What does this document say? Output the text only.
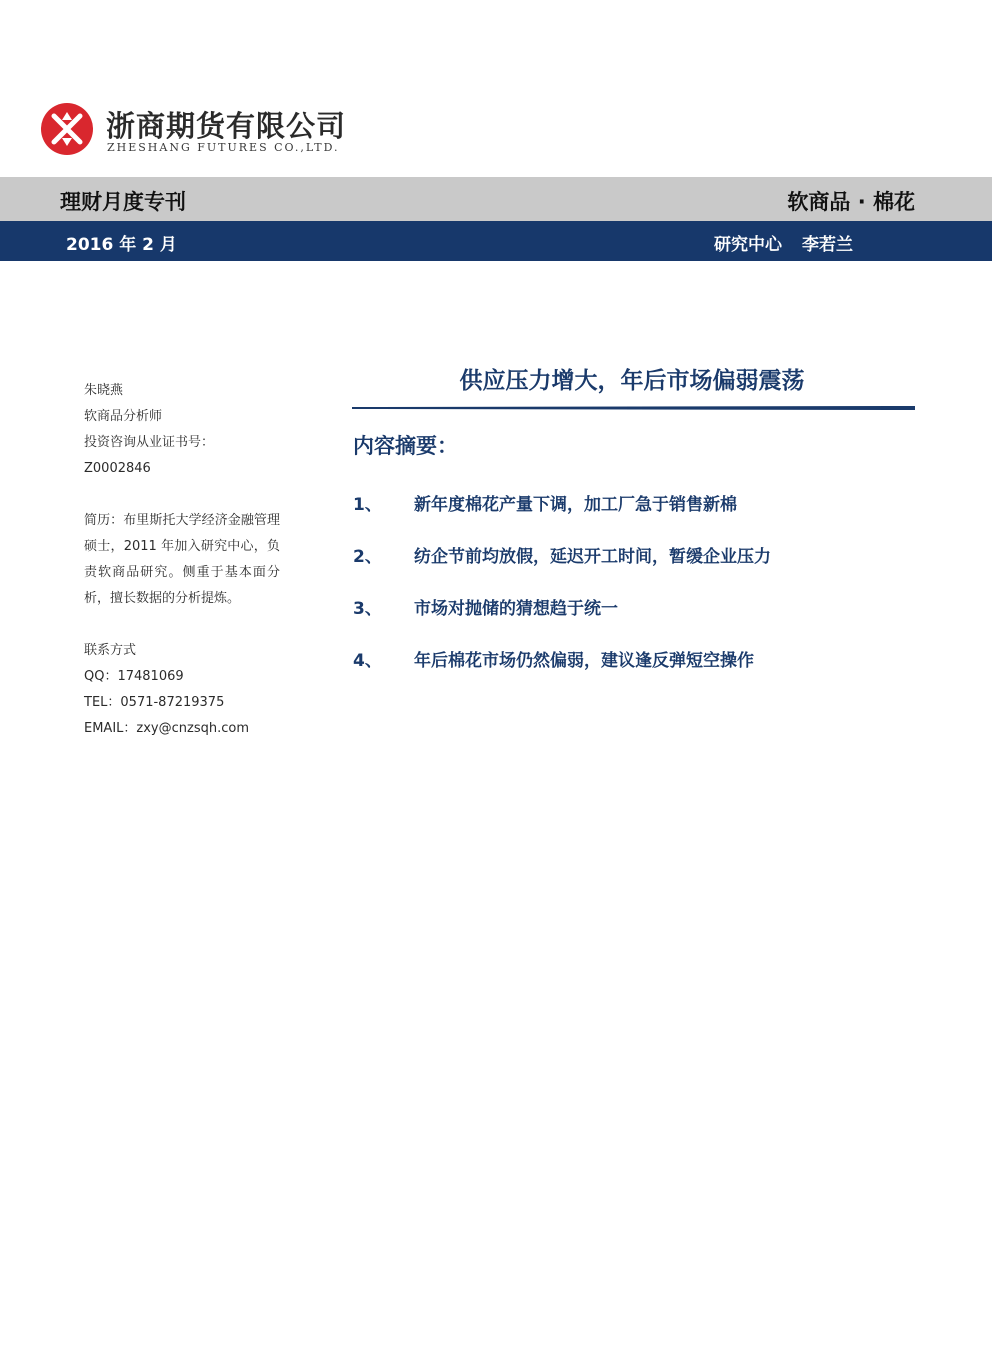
浙商期货有限公司
ZHESHANG FUTURES CO.,LTD.
理财月度专刊	软商品 · 棉花
2016 年 2 月	研究中心 李若兰

朱晓燕

软商品分析师

投资咨询从业证书号：

Z0002846

简历：布里斯托大学经济金融管理硕士，2011 年加入研究中心，负责软商品研究。侧重于基本面分析，擅长数据的分析提炼。

联系方式

QQ：17481069

TEL：0571-87219375

EMAIL：zxy@cnzsqh.com

供应压力增大，年后市场偏弱震荡
内容摘要：
1、 新年度棉花产量下调，加工厂急于销售新棉
2、 纺企节前均放假，延迟开工时间，暂缓企业压力
3、 市场对抛储的猜想趋于统一
4、 年后棉花市场仍然偏弱，建议逢反弹短空操作
